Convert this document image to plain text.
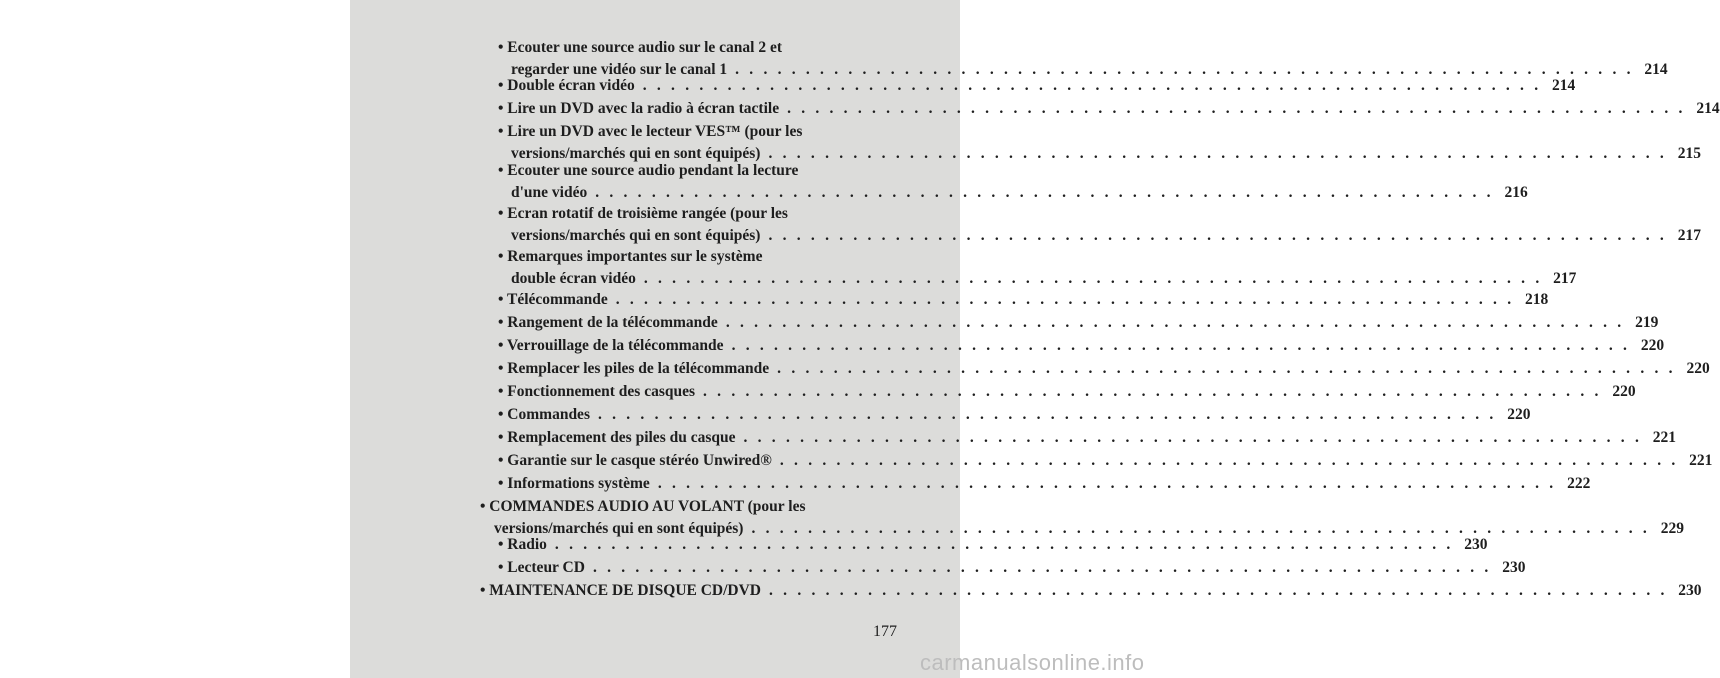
• Ecouter une source audio sur le canal 2 et
regarder une vidéo sur le canal 1 . . .	214
• Double écran vidéo . . .	214
• Lire un DVD avec la radio à écran tactile . . .	214
• Lire un DVD avec le lecteur VES™ (pour les
versions/marchés qui en sont équipés) . . .	215
• Ecouter une source audio pendant la lecture
d'une vidéo . . .	216
• Ecran rotatif de troisième rangée (pour les
versions/marchés qui en sont équipés) . . .	217
• Remarques importantes sur le système
double écran vidéo . . .	217
• Télécommande . . .	218
• Rangement de la télécommande . . .	219
• Verrouillage de la télécommande . . .	220
• Remplacer les piles de la télécommande . . .	220
• Fonctionnement des casques . . .	220
• Commandes . . .	220
• Remplacement des piles du casque . . .	221
• Garantie sur le casque stéréo Unwired® . . .	221
• Informations système . . .	222
• COMMANDES AUDIO AU VOLANT (pour les
versions/marchés qui en sont équipés) . . .	229
• Radio . . .	230
• Lecteur CD . . .	230
• MAINTENANCE DE DISQUE CD/DVD . . .	230
177
carmanualsonline.info
